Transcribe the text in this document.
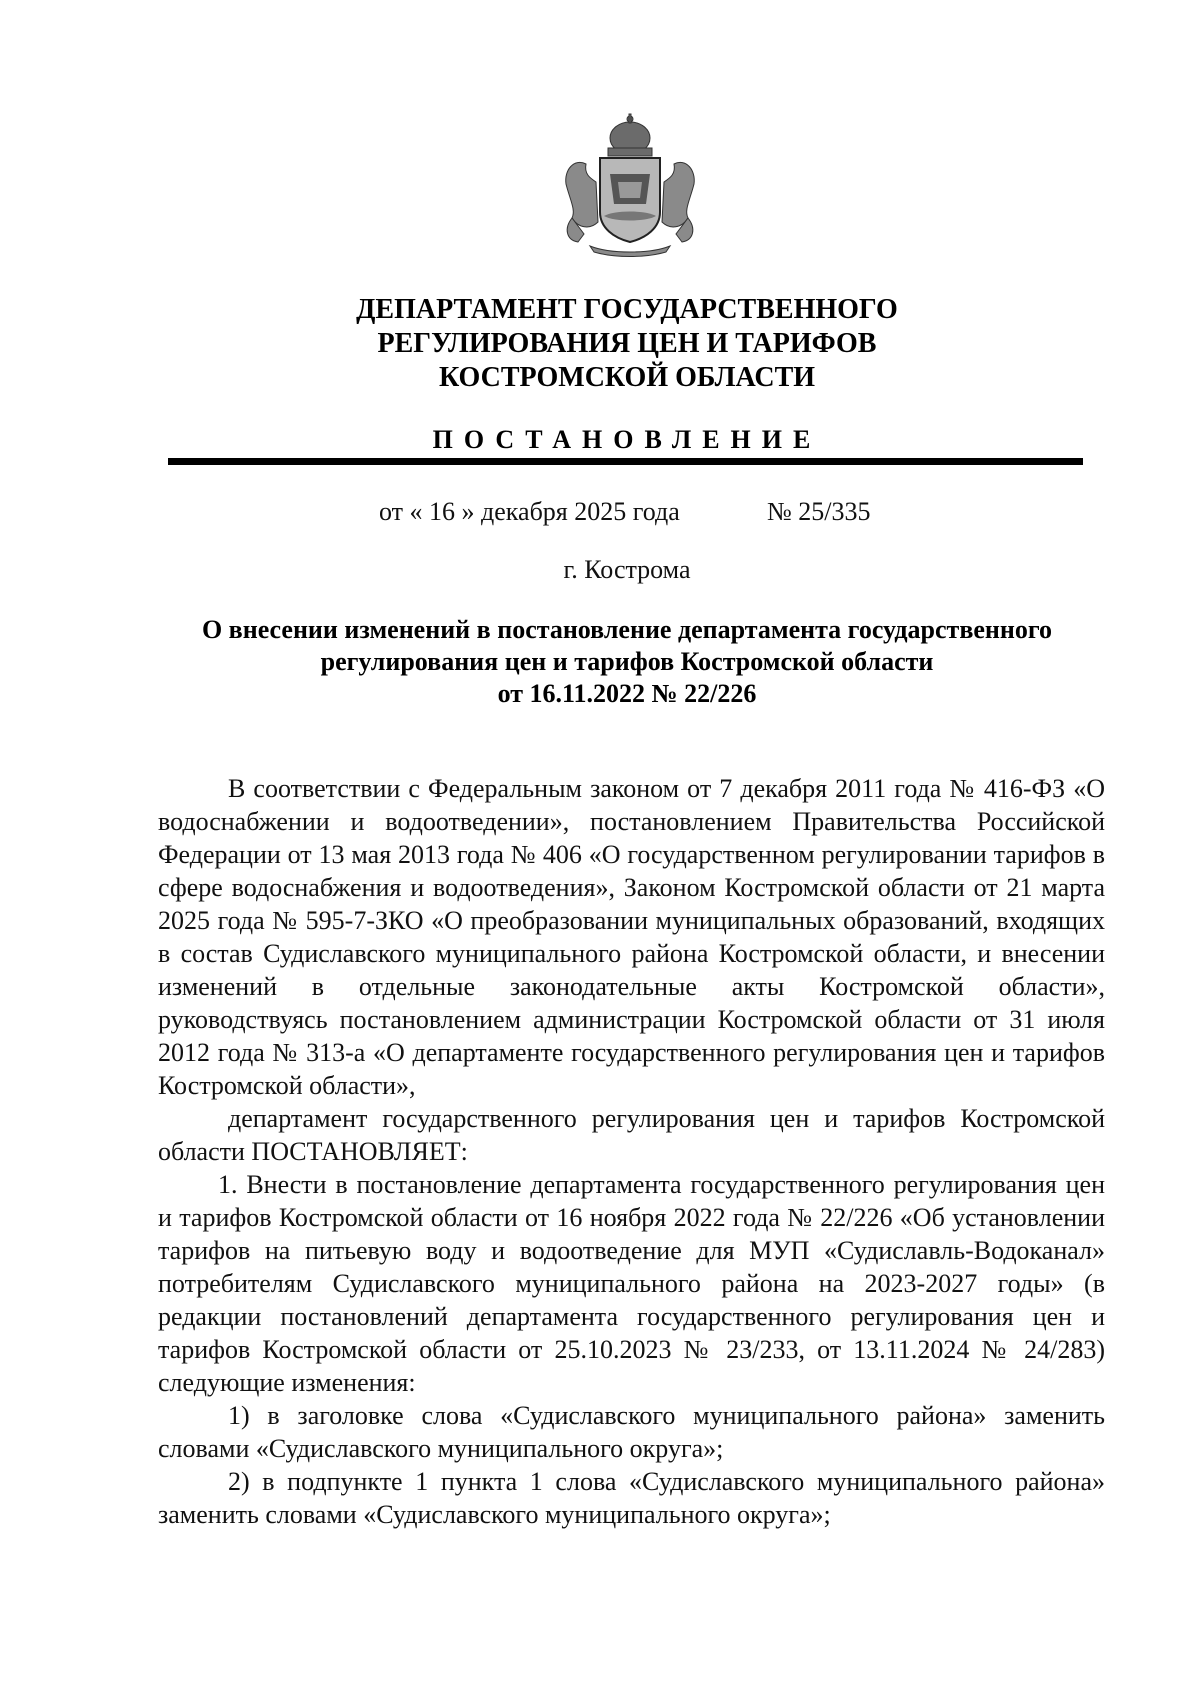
ДЕПАРТАМЕНТ ГОСУДАРСТВЕННОГО
РЕГУЛИРОВАНИЯ ЦЕН И ТАРИФОВ
КОСТРОМСКОЙ ОБЛАСТИ
ПОСТАНОВЛЕНИЕ
от « 16 » декабря 2025 года	№ 25/335
г. Кострома
О внесении изменений в постановление департамента государственного
регулирования цен и тарифов Костромской области
от 16.11.2022 № 22/226

В соответствии с Федеральным законом от 7 декабря 2011 года № 416-ФЗ «О водоснабжении и водоотведении», постановлением Правительства Российской Федерации от 13 мая 2013 года № 406 «О государственном регулировании тарифов в сфере водоснабжения и водоотведения», Законом Костромской области от 21 марта 2025 года № 595-7-ЗКО «О преобразовании муниципальных образований, входящих в состав Судиславского муниципального района Костромской области, и внесении изменений в отдельные законодательные акты Костромской области», руководствуясь постановлением администрации Костромской области от 31 июля 2012 года № 313-а «О департаменте государственного регулирования цен и тарифов Костромской области»,

департамент государственного регулирования цен и тарифов Костромской области ПОСТАНОВЛЯЕТ:

1. Внести в постановление департамента государственного регулирования цен и тарифов Костромской области от 16 ноября 2022 года № 22/226 «Об установлении тарифов на питьевую воду и водоотведение для МУП «Судиславль-Водоканал» потребителям Судиславского муниципального района на 2023-2027 годы» (в редакции постановлений департамента государственного регулирования цен и тарифов Костромской области от 25.10.2023 № 23/233, от 13.11.2024 № 24/283) следующие изменения:

1) в заголовке слова «Судиславского муниципального района» заменить словами «Судиславского муниципального округа»;

2) в подпункте 1 пункта 1 слова «Судиславского муниципального района» заменить словами «Судиславского муниципального округа»;
